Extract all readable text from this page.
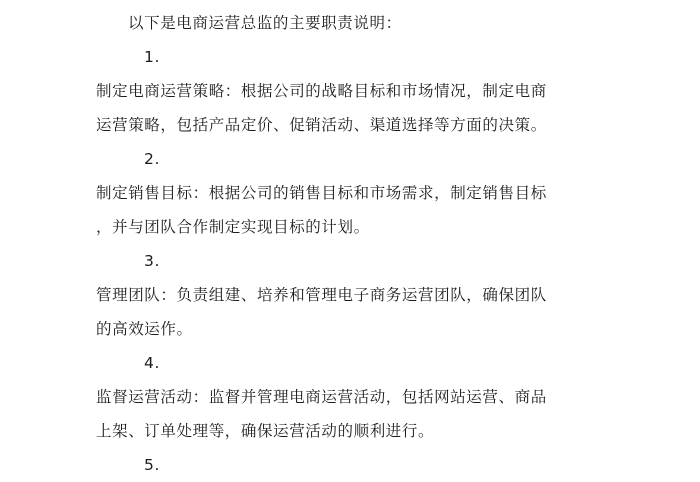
以下是电商运营总监的主要职责说明：

1.

制定电商运营策略：根据公司的战略目标和市场情况，制定电商

运营策略，包括产品定价、促销活动、渠道选择等方面的决策。

2.

制定销售目标：根据公司的销售目标和市场需求，制定销售目标

，并与团队合作制定实现目标的计划。

3.

管理团队：负责组建、培养和管理电子商务运营团队，确保团队

的高效运作。

4.

监督运营活动：监督并管理电商运营活动，包括网站运营、商品

上架、订单处理等，确保运营活动的顺利进行。

5.
